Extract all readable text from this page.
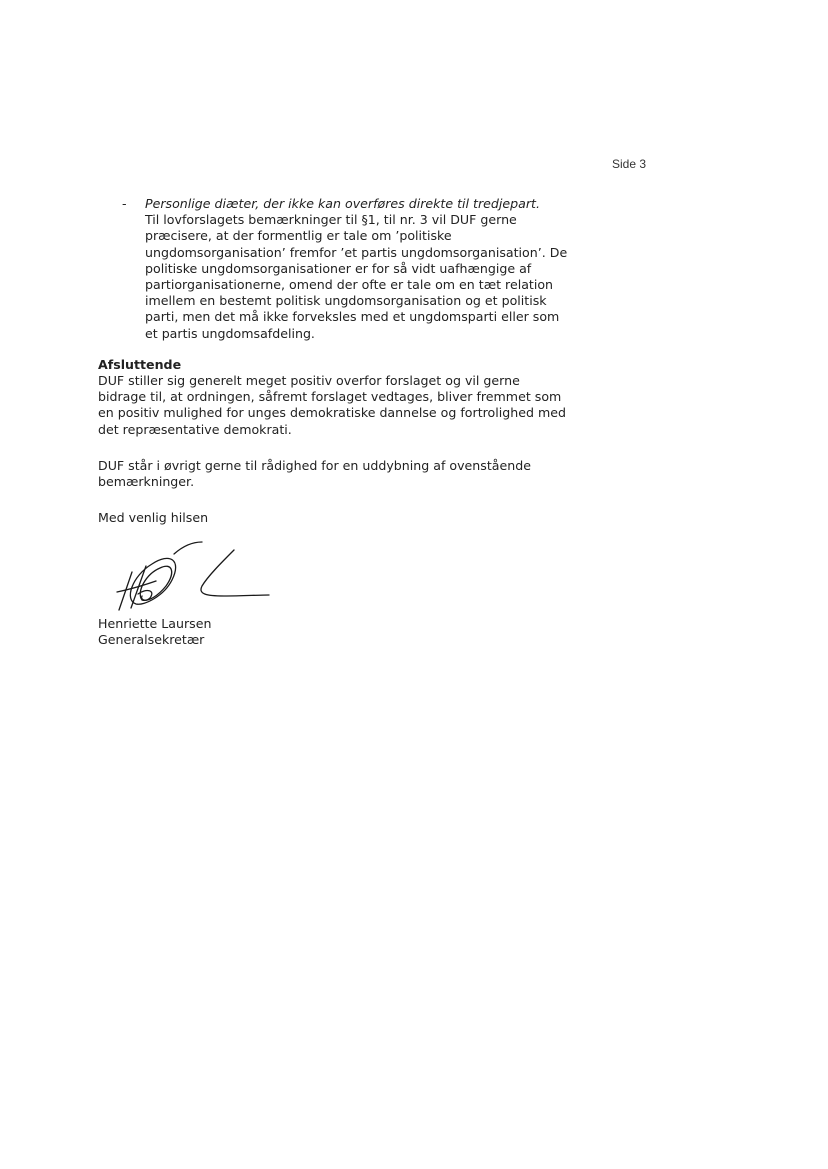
Side 3
- Personlige diæter, der ikke kan overføres direkte til tredjepart.
Til lovforslagets bemærkninger til §1, til nr. 3 vil DUF gerne
præcisere, at der formentlig er tale om ’politiske
ungdomsorganisation’ fremfor ’et partis ungdomsorganisation’. De
politiske ungdomsorganisationer er for så vidt uafhængige af
partiorganisationerne, omend der ofte er tale om en tæt relation
imellem en bestemt politisk ungdomsorganisation og et politisk
parti, men det må ikke forveksles med et ungdomsparti eller som
et partis ungdomsafdeling.
Afsluttende
DUF stiller sig generelt meget positiv overfor forslaget og vil gerne
bidrage til, at ordningen, såfremt forslaget vedtages, bliver fremmet som
en positiv mulighed for unges demokratiske dannelse og fortrolighed med
det repræsentative demokrati.
DUF står i øvrigt gerne til rådighed for en uddybning af ovenstående
bemærkninger.
Med venlig hilsen
Henriette Laursen
Generalsekretær
